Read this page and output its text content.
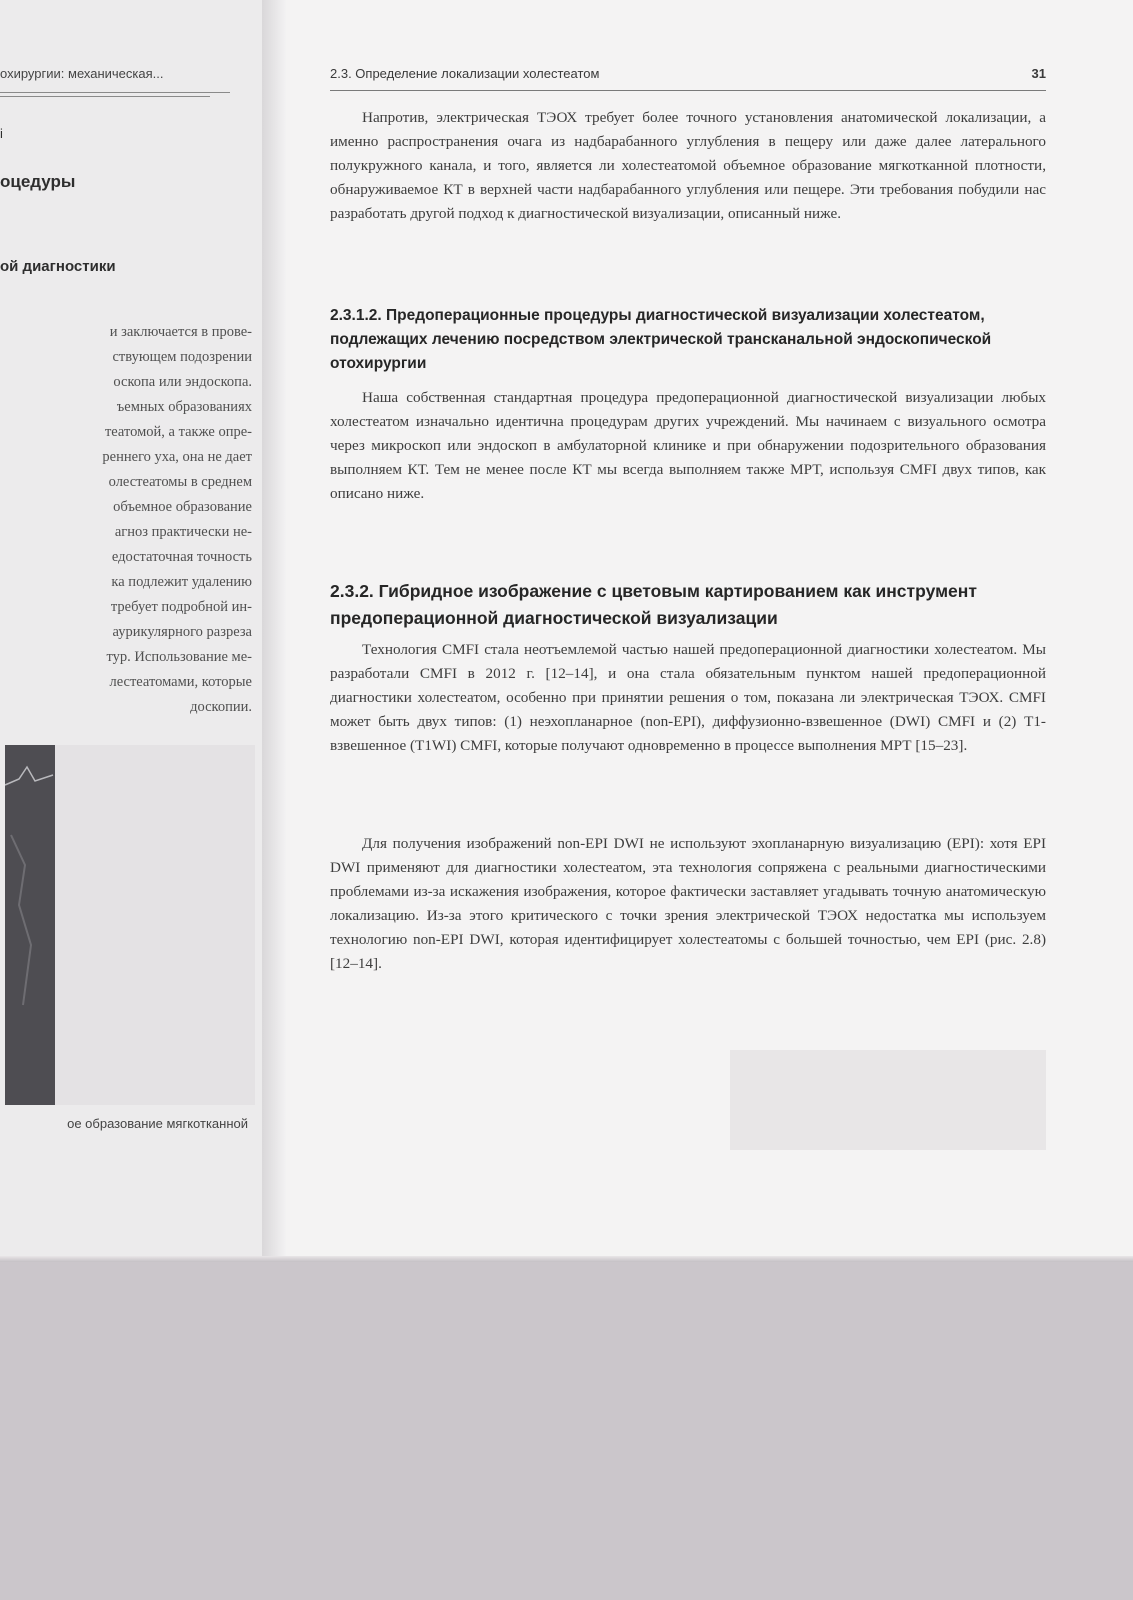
охирургии: механическая...
і
оцедуры
ой диагностики
и заключается в прове-
ствующем подозрении
оскопа или эндоскопа.
ъемных образованиях
театомой, а также опре-
реннего уха, она не дает
олестеатомы в среднем
объемное образование
агноз практически не-
едостаточная точность
ка подлежит удалению
требует подробной ин-
аурикулярного разреза
тур. Использование ме-
лестеатомами, которые
доскопии.
ое образование мягкотканной
2.3. Определение локализации холестеатом	31

Напротив, электрическая ТЭОХ требует более точного установления анатомической локализации, а именно распространения очага из надбарабанного углубления в пещеру или даже далее латерального полукружного канала, и того, является ли холестеатомой объемное образование мягкотканной плотности, обнаруживаемое КТ в верхней части надбарабанного углубления или пещере. Эти требования побудили нас разработать другой подход к диагностической визуализации, описанный ниже.

2.3.1.2. Предоперационные процедуры диагностической визуализации холестеатом, подлежащих лечению посредством электрической трансканальной эндоскопической отохирургии

Наша собственная стандартная процедура предоперационной диагностической визуализации любых холестеатом изначально идентична процедурам других учреждений. Мы начинаем с визуального осмотра через микроскоп или эндоскоп в амбулаторной клинике и при обнаружении подозрительного образования выполняем КТ. Тем не менее после КТ мы всегда выполняем также МРТ, используя CMFI двух типов, как описано ниже.

2.3.2. Гибридное изображение с цветовым картированием как инструмент предоперационной диагностической визуализации

Технология CMFI стала неотъемлемой частью нашей предоперационной диагностики холестеатом. Мы разработали CMFI в 2012 г. [12–14], и она стала обязательным пунктом нашей предоперационной диагностики холестеатом, особенно при принятии решения о том, показана ли электрическая ТЭОХ. CMFI может быть двух типов: (1) неэхопланарное (non-EPI), диффузионно-взвешенное (DWI) CMFI и (2) T1-взвешенное (T1WI) CMFI, которые получают одновременно в процессе выполнения МРТ [15–23].

Для получения изображений non-EPI DWI не используют эхопланарную визуализацию (EPI): хотя EPI DWI применяют для диагностики холестеатом, эта технология сопряжена с реальными диагностическими проблемами из-за искажения изображения, которое фактически заставляет угадывать точную анатомическую локализацию. Из-за этого критического с точки зрения электрической ТЭОХ недостатка мы используем технологию non-EPI DWI, которая идентифицирует холестеатомы с большей точностью, чем EPI (рис. 2.8) [12–14].
